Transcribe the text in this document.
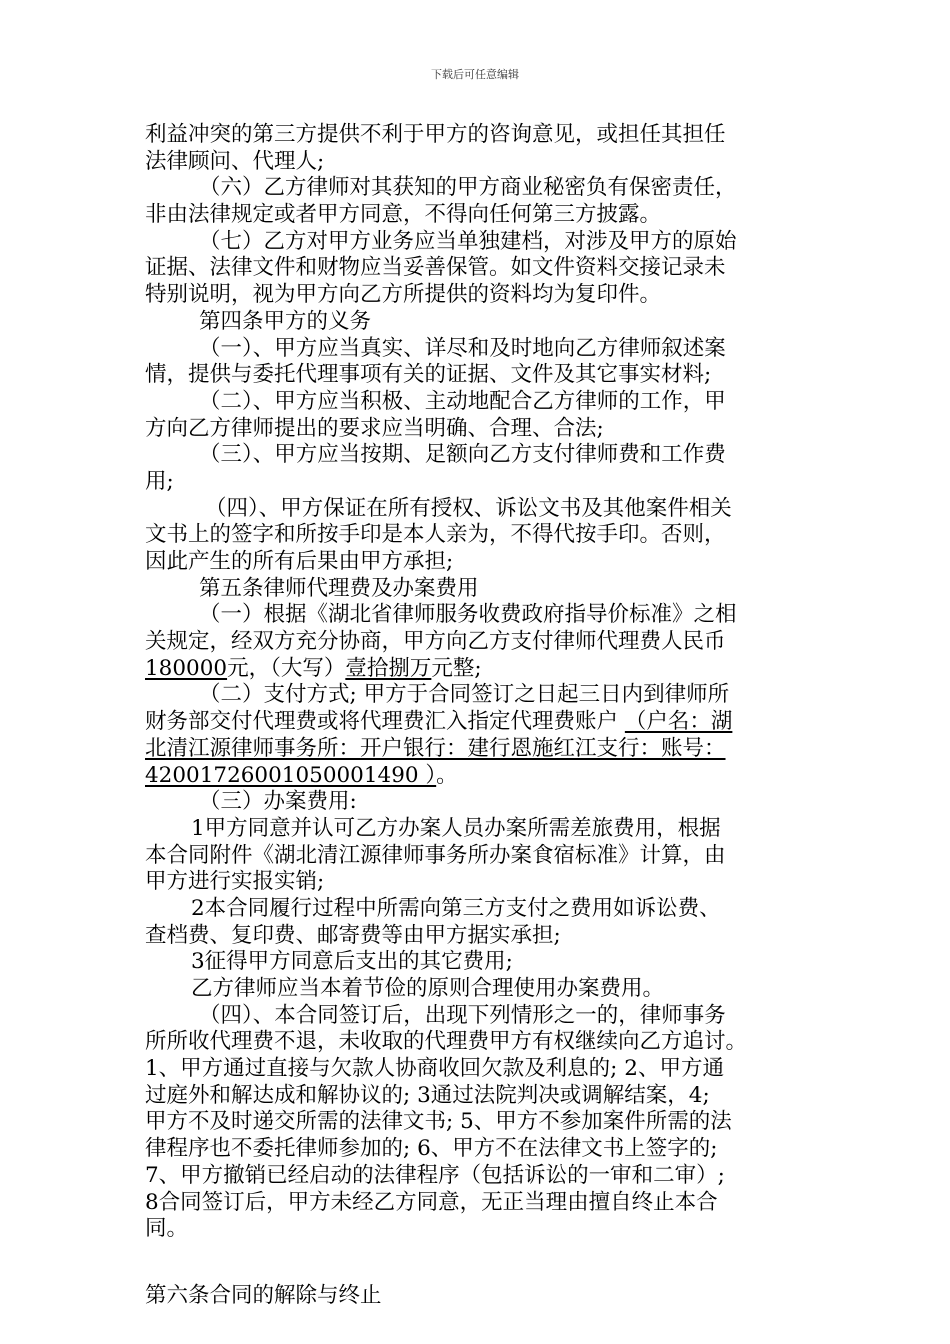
下载后可任意编辑
利益冲突的第三方提供不利于甲方的咨询意见，或担任其担任
法律顾问、代理人;
（六）乙方律师对其获知的甲方商业秘密负有保密责任，
非由法律规定或者甲方同意，不得向任何第三方披露。
（七）乙方对甲方业务应当单独建档，对涉及甲方的原始
证据、法律文件和财物应当妥善保管。如文件资料交接记录未
特别说明，视为甲方向乙方所提供的资料均为复印件。
第四条甲方的义务
（一）、甲方应当真实、详尽和及时地向乙方律师叙述案
情，提供与委托代理事项有关的证据、文件及其它事实材料;
（二）、甲方应当积极、主动地配合乙方律师的工作，甲
方向乙方律师提出的要求应当明确、合理、合法;
（三）、甲方应当按期、足额向乙方支付律师费和工作费
用;
（四）、甲方保证在所有授权、诉讼文书及其他案件相关
文书上的签字和所按手印是本人亲为，不得代按手印。否则，
因此产生的所有后果由甲方承担;
第五条律师代理费及办案费用
（一）根据《湖北省律师服务收费政府指导价标准》之相
关规定，经双方充分协商，甲方向乙方支付律师代理费人民币
180000元，（大写）壹拾捌万元整;
（二）支付方式; 甲方于合同签订之日起三日内到律师所
财务部交付代理费或将代理费汇入指定代理费账户 （户名：湖
北清江源律师事务所：开户银行：建行恩施红江支行：账号：
42001726001050001490 ）。
（三）办案费用:
1甲方同意并认可乙方办案人员办案所需差旅费用，根据
本合同附件《湖北清江源律师事务所办案食宿标准》计算，由
甲方进行实报实销;
2本合同履行过程中所需向第三方支付之费用如诉讼费、
查档费、复印费、邮寄费等由甲方据实承担;
3征得甲方同意后支出的其它费用;
乙方律师应当本着节俭的原则合理使用办案费用。
（四）、本合同签订后，出现下列情形之一的，律师事务
所所收代理费不退，未收取的代理费甲方有权继续向乙方追讨。
1、甲方通过直接与欠款人协商收回欠款及利息的; 2、甲方通
过庭外和解达成和解协议的; 3通过法院判决或调解结案，4;
甲方不及时递交所需的法律文书; 5、甲方不参加案件所需的法
律程序也不委托律师参加的; 6、甲方不在法律文书上签字的;
7、甲方撤销已经启动的法律程序（包括诉讼的一审和二审）;
8合同签订后，甲方未经乙方同意，无正当理由擅自终止本合
同。
第六条合同的解除与终止
